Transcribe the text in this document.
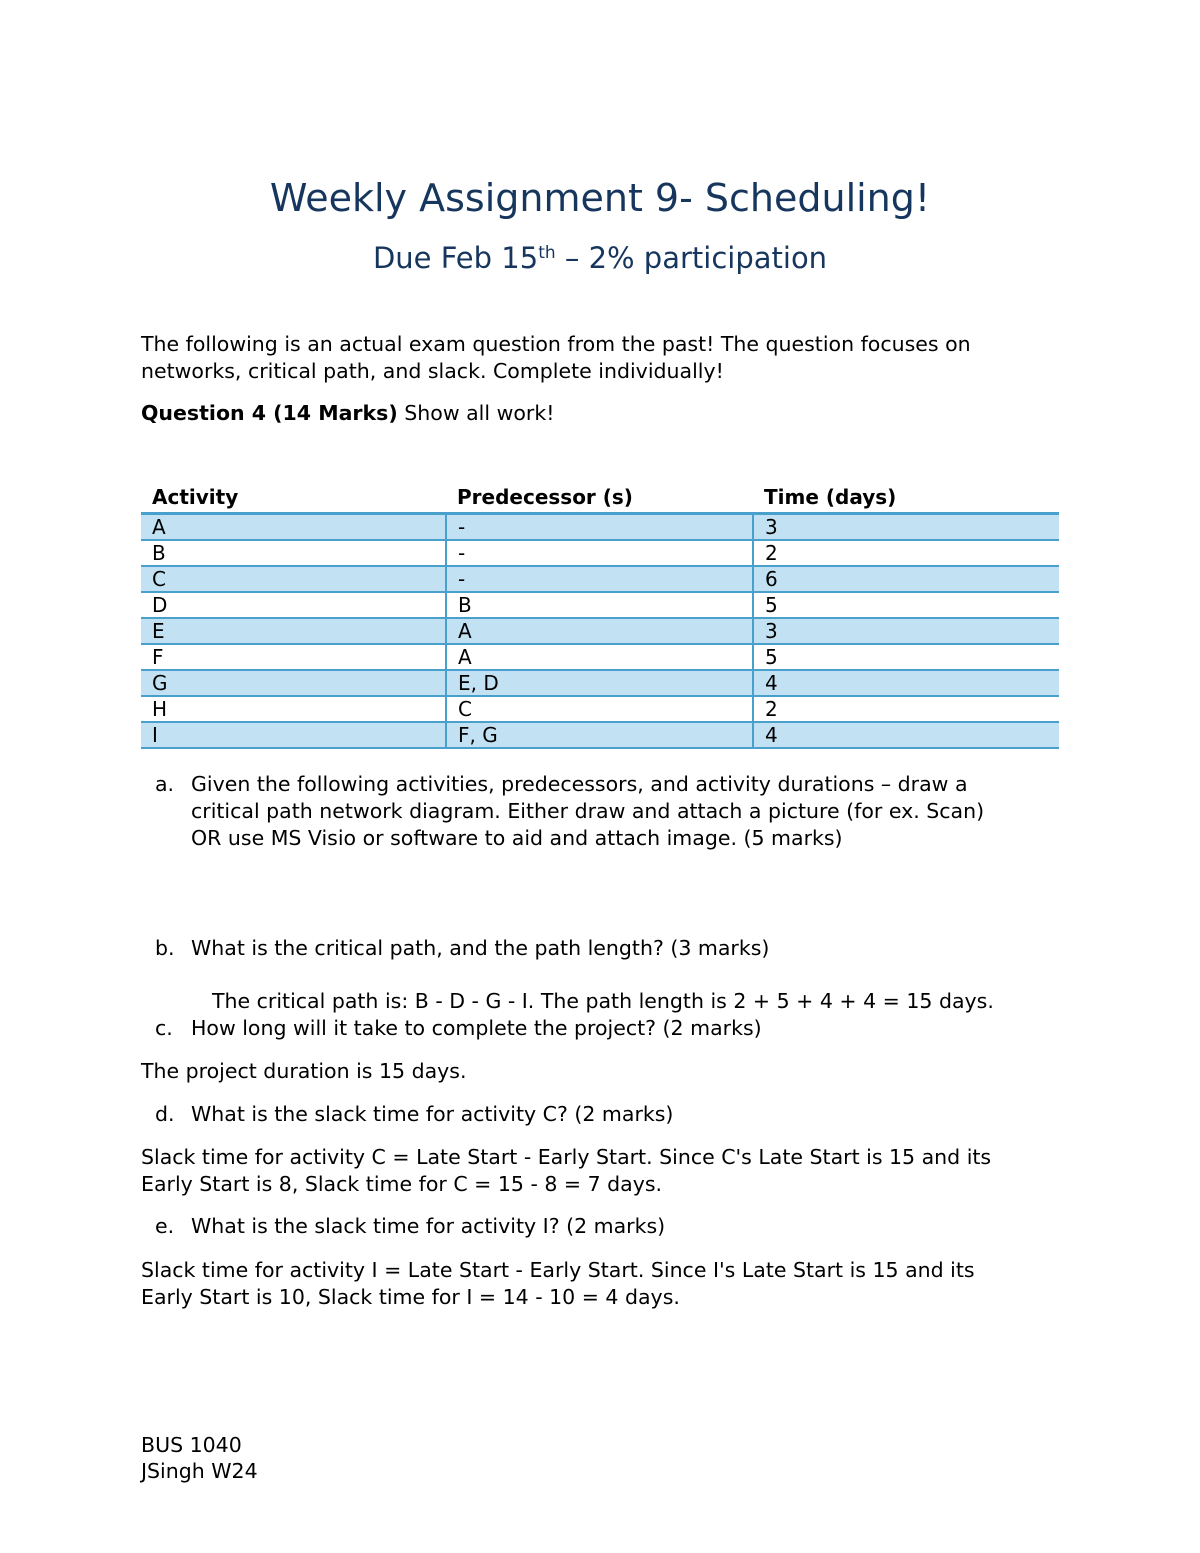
Weekly Assignment 9- Scheduling!
Due Feb 15th – 2% participation
The following is an actual exam question from the past! The question focuses on
networks, critical path, and slack. Complete individually!
Question 4 (14 Marks) Show all work!
Activity	Predecessor (s)	Time (days)
A	-	3
B	-	2
C	-	6
D	B	5
E	A	3
F	A	5
G	E, D	4
H	C	2
I	F, G	4
a. Given the following activities, predecessors, and activity durations – draw a
critical path network diagram. Either draw and attach a picture (for ex. Scan)
OR use MS Visio or software to aid and attach image. (5 marks)
b. What is the critical path, and the path length? (3 marks)
The critical path is: B - D - G - I. The path length is 2 + 5 + 4 + 4 = 15 days.
c. How long will it take to complete the project? (2 marks)
The project duration is 15 days.
d. What is the slack time for activity C? (2 marks)
Slack time for activity C = Late Start - Early Start. Since C's Late Start is 15 and its
Early Start is 8, Slack time for C = 15 - 8 = 7 days.
e. What is the slack time for activity I? (2 marks)
Slack time for activity I = Late Start - Early Start. Since I's Late Start is 15 and its
Early Start is 10, Slack time for I = 14 - 10 = 4 days.
BUS 1040
JSingh W24
